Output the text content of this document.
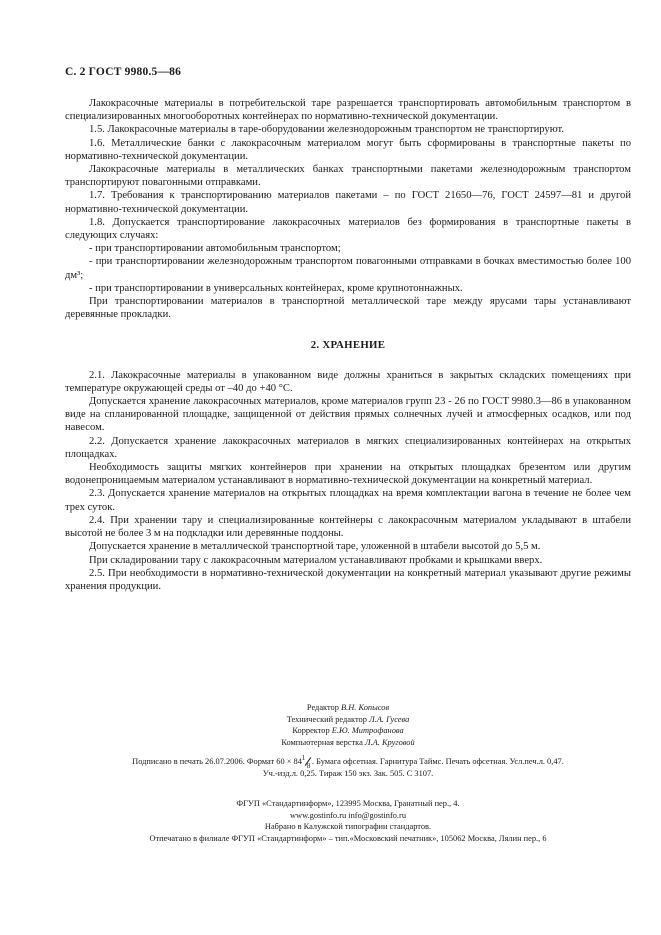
С. 2 ГОСТ 9980.5—86

Лакокрасочные материалы в потребительской таре разрешается транспортировать автомобильным транспортом в специализированных многооборотных контейнерах по нормативно-технической документации.

1.5. Лакокрасочные материалы в таре-оборудовании железнодорожным транспортом не транспортируют.

1.6. Металлические банки с лакокрасочным материалом могут быть сформированы в транспортные пакеты по нормативно-технической документации.

Лакокрасочные материалы в металлических банках транспортными пакетами железнодорожным транспортом транспортируют повагонными отправками.

1.7. Требования к транспортированию материалов пакетами – по ГОСТ 21650—76, ГОСТ 24597—81 и другой нормативно-технической документации.

1.8. Допускается транспортирование лакокрасочных материалов без формирования в транспортные пакеты в следующих случаях:

- при транспортировании автомобильным транспортом;

- при транспортировании железнодорожным транспортом повагонными отправками в бочках вместимостью более 100 дм³;

- при транспортировании в универсальных контейнерах, кроме крупнотоннажных.

При транспортировании материалов в транспортной металлической таре между ярусами тары устанавливают деревянные прокладки.

2. ХРАНЕНИЕ

2.1. Лакокрасочные материалы в упакованном виде должны храниться в закрытых складских помещениях при температуре окружающей среды от –40 до +40 °С.

Допускается хранение лакокрасочных материалов, кроме материалов групп 23 - 26 по ГОСТ 9980.3—86 в упакованном виде на спланированной площадке, защищенной от действия прямых солнечных лучей и атмосферных осадков, или под навесом.

2.2. Допускается хранение лакокрасочных материалов в мягких специализированных контейнерах на открытых площадках.

Необходимость защиты мягких контейнеров при хранении на открытых площадках брезентом или другим водонепроницаемым материалом устанавливают в нормативно-технической документации на конкретный материал.

2.3. Допускается хранение материалов на открытых площадках на время комплектации вагона в течение не более чем трех суток.

2.4. При хранении тару и специализированные контейнеры с лакокрасочным материалом укладывают в штабели высотой не более 3 м на подкладки или деревянные поддоны.

Допускается хранение в металлической транспортной таре, уложенной в штабели высотой до 5,5 м.

При складировании тару с лакокрасочным материалом устанавливают пробками и крышками вверх.

2.5. При необходимости в нормативно-технической документации на конкретный материал указывают другие режимы хранения продукции.

Редактор В.Н. Копысов
Технический редактор Л.А. Гусева
Корректор Е.Ю. Митрофанова
Компьютерная верстка Л.А. Круговой
Подписано в печать 26.07.2006. Формат 60 × 841
8 . Бумага офсетная. Гарнитура Таймс. Печать офсетная. Усл.печ.л. 0,47.
Уч.-изд.л. 0,25. Тираж 150 экз. Зак. 505. С 3107.
ФГУП «Стандартинформ», 123995 Москва, Гранатный пер., 4.
www.gostinfo.ru info@gostinfo.ru
Набрано в Калужской типографии стандартов.
Отпечатано в филиале ФГУП «Стандартинформ» – тип.«Московский печатник», 105062 Москва, Лялин пер., 6
